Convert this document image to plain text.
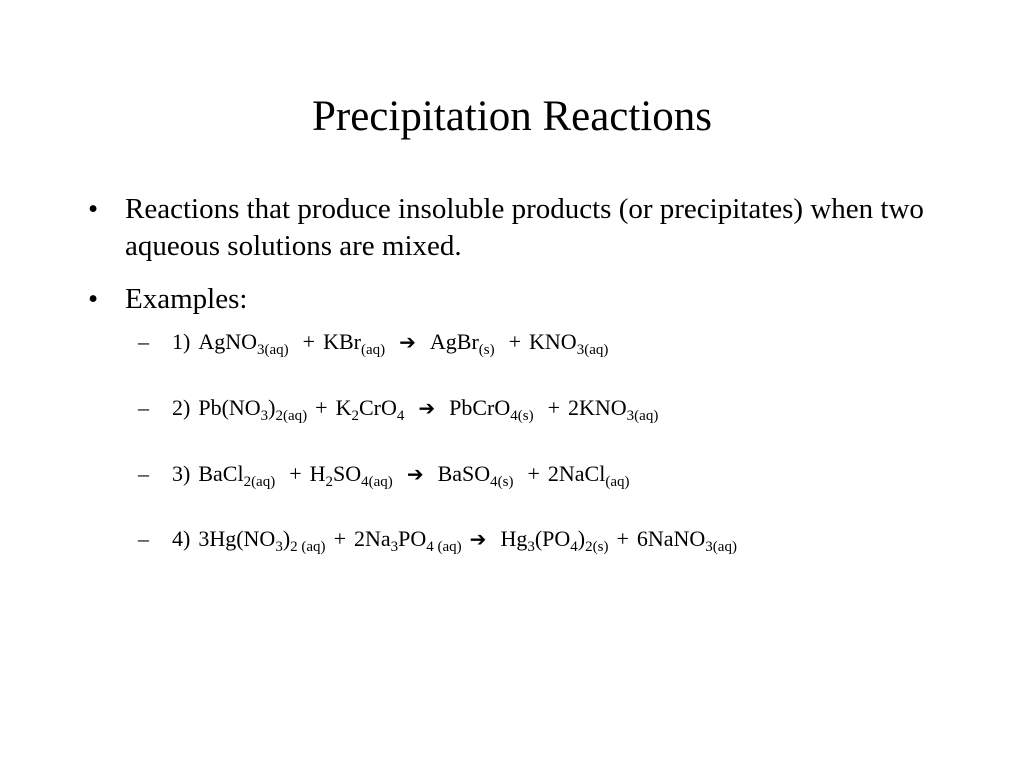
Precipitation Reactions
• Reactions that produce insoluble products (or precipitates) when two aqueous solutions are mixed.
• Examples:
– 1) AgNO$_{3(aq)}$ + KBr$_{(aq)}$ ➔ AgBr$_{(s)}$ + $KNO_{3(aq)}$
– 2) $Pb(NO_3)_{2(aq)} + K_2CrO_4$ ➔ PbCrO$_{4(s)}$ + $2KNO_{3(aq)}$
– 3) BaCl$_{2(aq)}$ + $H_2SO_{4(aq)}$ ➔ BaSO$_{4(s)}$ + 2NaCl$_{(aq)}$
– 4) $3Hg(NO_3)_{2 (aq)} + 2Na_3PO_{4 (aq)}$ ➔ $Hg_3(PO_4)_{2(s)}$ + 6NaNO$_{3(aq)}$
